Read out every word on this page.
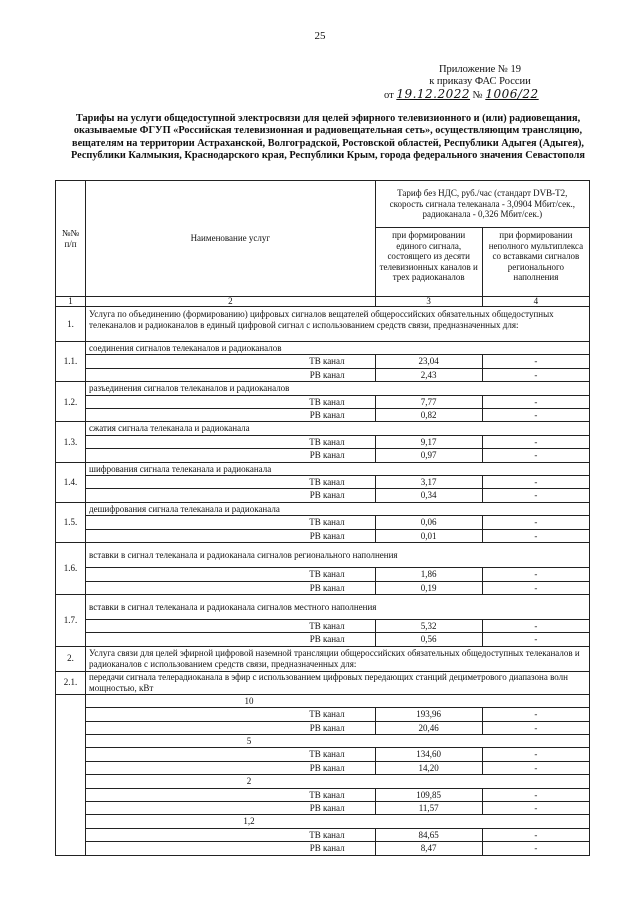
25
Приложение № 19
к приказу ФАС России
от 19.12.2022 № 1006/22
Тарифы на услуги общедоступной электросвязи для целей эфирного телевизионного и (или) радиовещания, оказываемые ФГУП «Российская телевизионная и радиовещательная сеть», осуществляющим трансляцию, вещателям на территории Астраханской, Волгоградской, Ростовской областей, Республики Адыгея (Адыгея), Республики Калмыкия, Краснодарского края, Республики Крым, города федерального значения Севастополя
№№ п/п	Наименование услуг	Тариф без НДС, руб./час (стандарт DVB-T2, скорость сигнала телеканала - 3,0904 Мбит/сек., радиоканала - 0,326 Мбит/сек.)	
		при формировании единого сигнала, состоящего из десяти телевизионных каналов и трех радиоканалов	при формировании неполного мультиплекса со вставками сигналов регионального наполнения
1	2	3	4
1.	Услуга по объединению (формированию) цифровых сигналов вещателей общероссийских обязательных общедоступных телеканалов и радиоканалов в единый цифровой сигнал с использованием средств связи, предназначенных для:		
1.1.	соединения сигналов телеканалов и радиоканалов		
	ТВ канал	23,04	-
	РВ канал	2,43	-
1.2.	разъединения сигналов телеканалов и радиоканалов		
	ТВ канал	7,77	-
	РВ канал	0,82	-
1.3.	сжатия сигнала телеканала и радиоканала		
	ТВ канал	9,17	-
	РВ канал	0,97	-
1.4.	шифрования сигнала телеканала и радиоканала		
	ТВ канал	3,17	-
	РВ канал	0,34	-
1.5.	дешифрования сигнала телеканала и радиоканала		
	ТВ канал	0,06	-
	РВ канал	0,01	-
1.6.	вставки в сигнал телеканала и радиоканала сигналов регионального наполнения		
	ТВ канал	1,86	-
	РВ канал	0,19	-
1.7.	вставки в сигнал телеканала и радиоканала сигналов местного наполнения		
	ТВ канал	5,32	-
	РВ канал	0,56	-
2.	Услуга связи для целей эфирной цифровой наземной трансляции общероссийских обязательных общедоступных телеканалов и радиоканалов с использованием средств связи, предназначенных для:		
2.1.	передачи сигнала телерадиоканала в эфир с использованием цифровых передающих станций дециметрового диапазона волн мощностью, кВт		
	10		
	ТВ канал	193,96	-
	РВ канал	20,46	-
	5		
	ТВ канал	134,60	-
	РВ канал	14,20	-
	2		
	ТВ канал	109,85	-
	РВ канал	11,57	-
	1,2		
	ТВ канал	84,65	-
	РВ канал	8,47	-
